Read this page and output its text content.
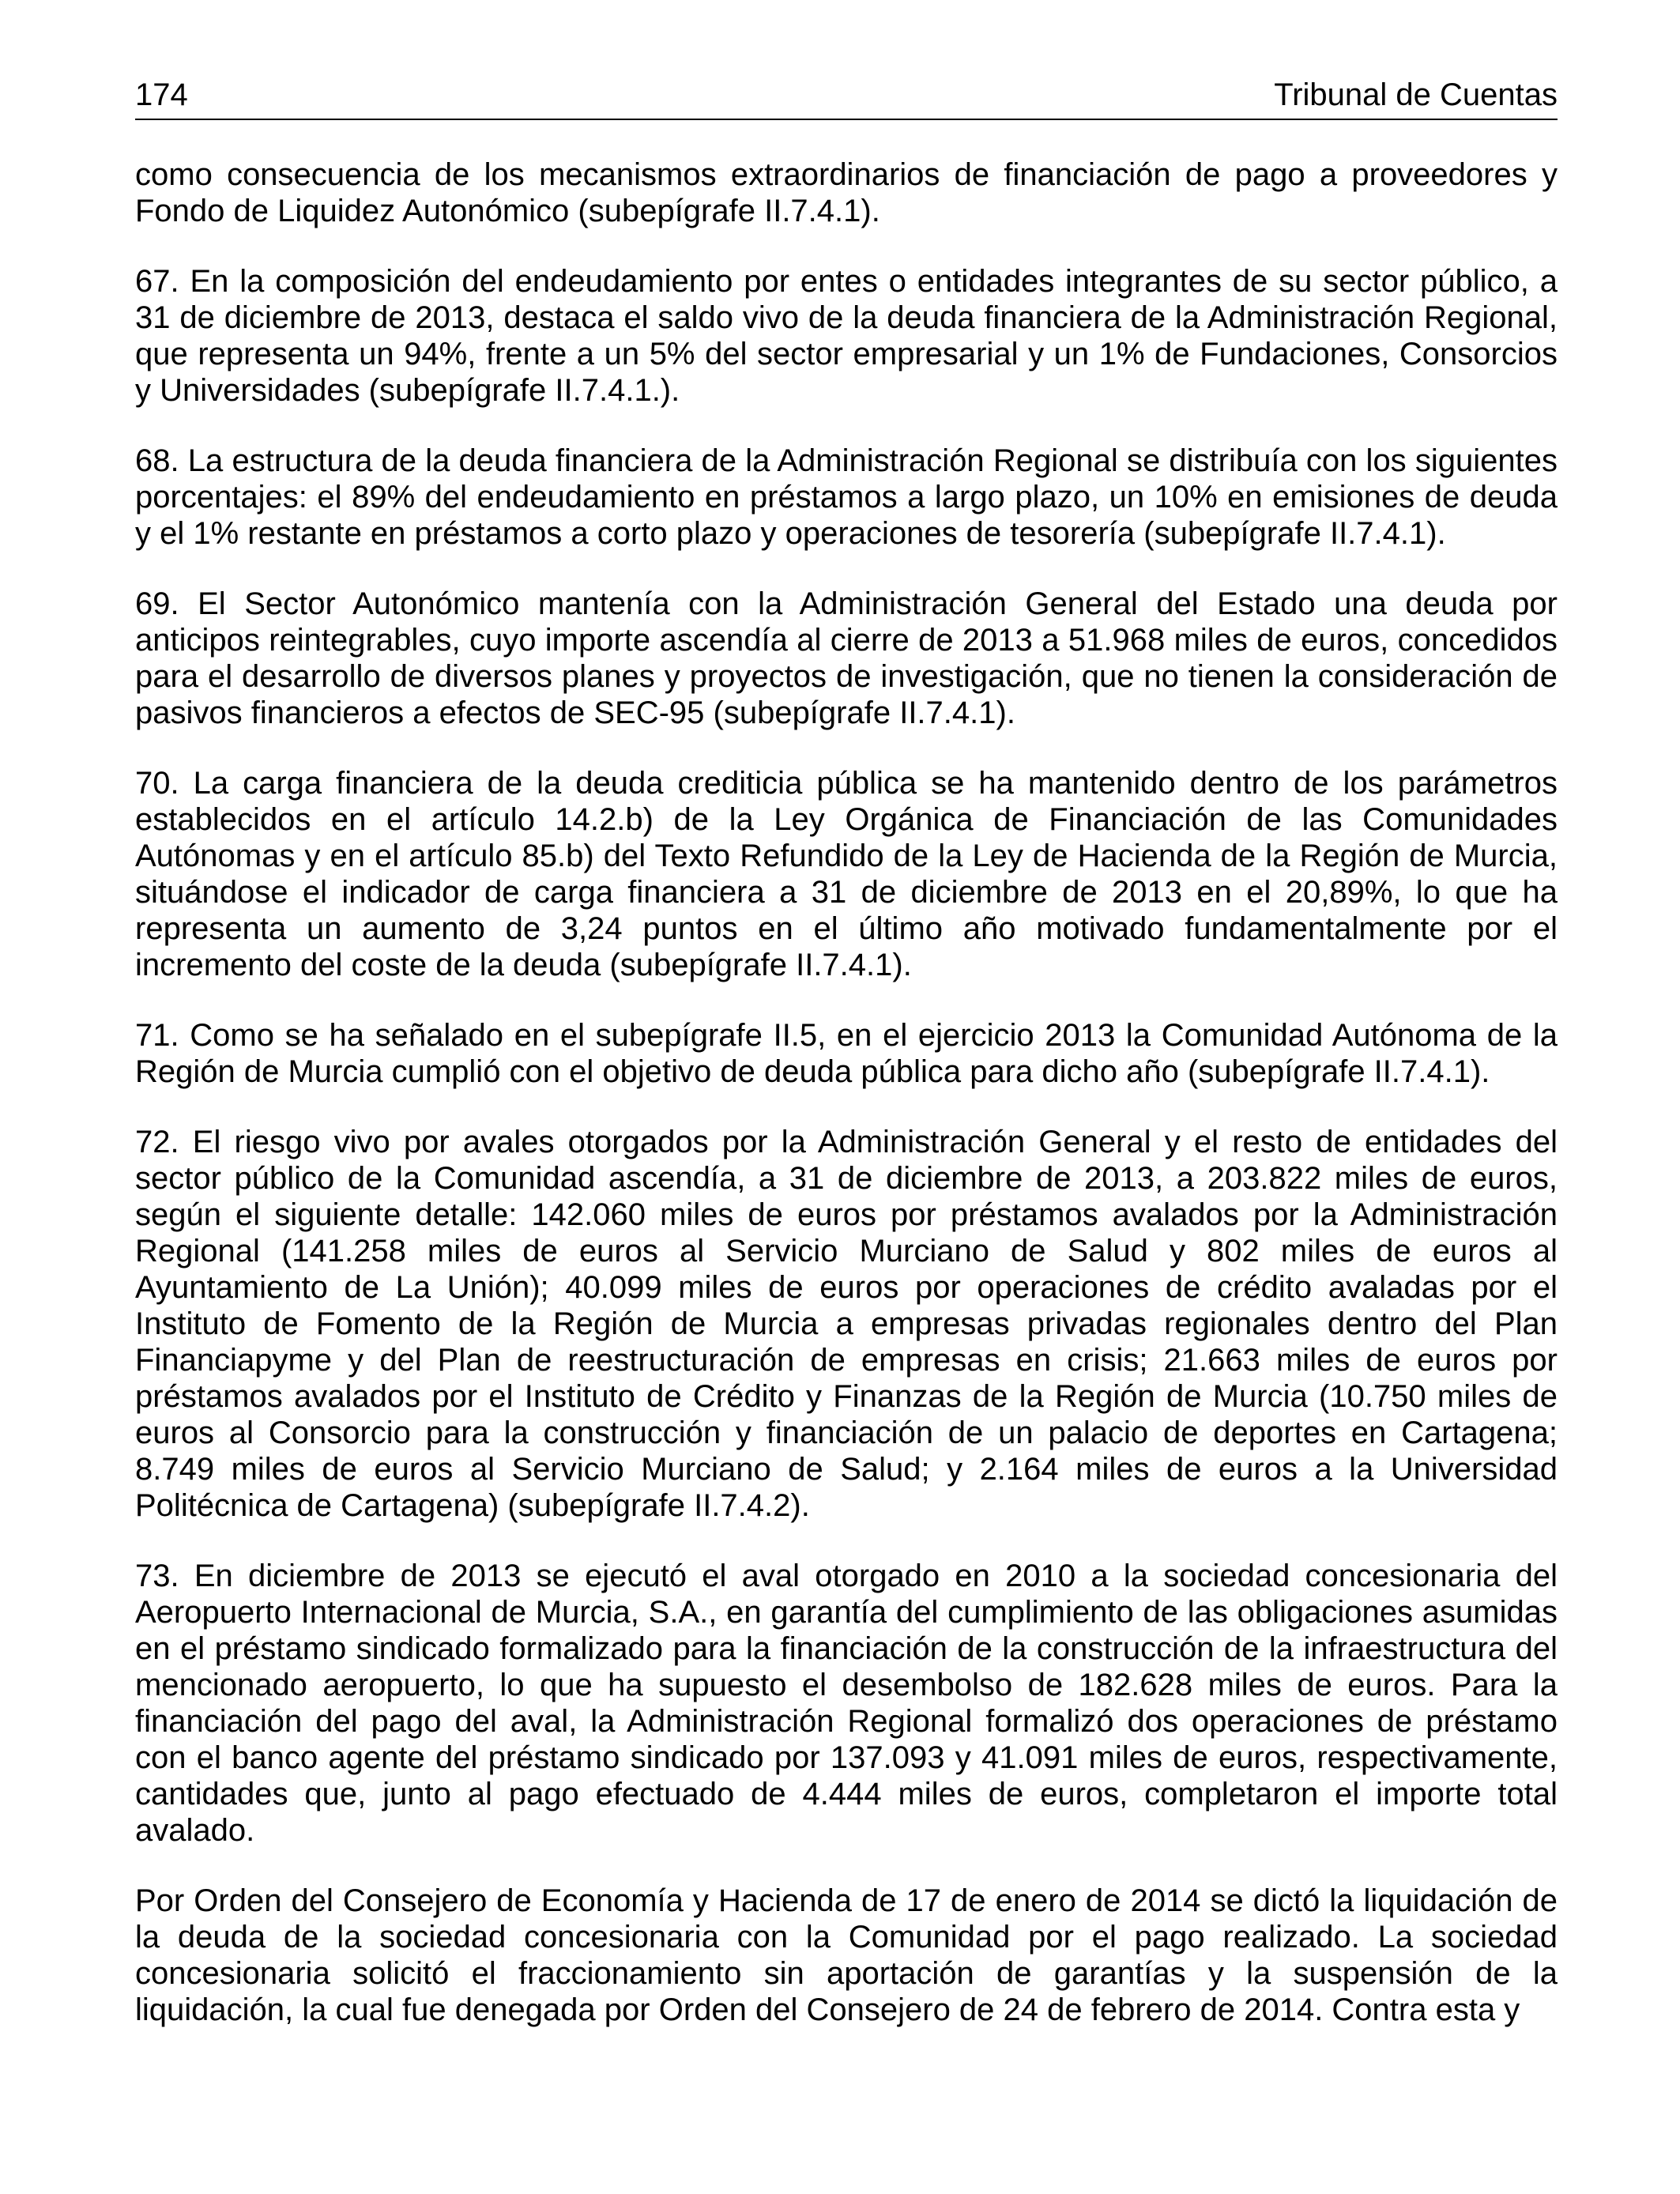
174	Tribunal de Cuentas

como consecuencia de los mecanismos extraordinarios de financiación de pago a proveedores y Fondo de Liquidez Autonómico (subepígrafe II.7.4.1).

67. En la composición del endeudamiento por entes o entidades integrantes de su sector público, a 31 de diciembre de 2013, destaca el saldo vivo de la deuda financiera de la Administración Regional, que representa un 94%, frente a un 5% del sector empresarial y un 1% de Fundaciones, Consorcios y Universidades (subepígrafe II.7.4.1.).

68. La estructura de la deuda financiera de la Administración Regional se distribuía con los siguientes porcentajes: el 89% del endeudamiento en préstamos a largo plazo, un 10% en emisiones de deuda y el 1% restante en préstamos a corto plazo y operaciones de tesorería (subepígrafe II.7.4.1).

69. El Sector Autonómico mantenía con la Administración General del Estado una deuda por anticipos reintegrables, cuyo importe ascendía al cierre de 2013 a 51.968 miles de euros, concedidos para el desarrollo de diversos planes y proyectos de investigación, que no tienen la consideración de pasivos financieros a efectos de SEC-95 (subepígrafe II.7.4.1).

70. La carga financiera de la deuda crediticia pública se ha mantenido dentro de los parámetros establecidos en el artículo 14.2.b) de la Ley Orgánica de Financiación de las Comunidades Autónomas y en el artículo 85.b) del Texto Refundido de la Ley de Hacienda de la Región de Murcia, situándose el indicador de carga financiera a 31 de diciembre de 2013 en el 20,89%, lo que ha representa un aumento de 3,24 puntos en el último año motivado fundamentalmente por el incremento del coste de la deuda (subepígrafe II.7.4.1).

71. Como se ha señalado en el subepígrafe II.5, en el ejercicio 2013 la Comunidad Autónoma de la Región de Murcia cumplió con el objetivo de deuda pública para dicho año (subepígrafe II.7.4.1).

72. El riesgo vivo por avales otorgados por la Administración General y el resto de entidades del sector público de la Comunidad ascendía, a 31 de diciembre de 2013, a 203.822 miles de euros, según el siguiente detalle: 142.060 miles de euros por préstamos avalados por la Administración Regional (141.258 miles de euros al Servicio Murciano de Salud y 802 miles de euros al Ayuntamiento de La Unión); 40.099 miles de euros por operaciones de crédito avaladas por el Instituto de Fomento de la Región de Murcia a empresas privadas regionales dentro del Plan Financiapyme y del Plan de reestructuración de empresas en crisis; 21.663 miles de euros por préstamos avalados por el Instituto de Crédito y Finanzas de la Región de Murcia (10.750 miles de euros al Consorcio para la construcción y financiación de un palacio de deportes en Cartagena; 8.749 miles de euros al Servicio Murciano de Salud; y 2.164 miles de euros a la Universidad Politécnica de Cartagena) (subepígrafe II.7.4.2).

73. En diciembre de 2013 se ejecutó el aval otorgado en 2010 a la sociedad concesionaria del Aeropuerto Internacional de Murcia, S.A., en garantía del cumplimiento de las obligaciones asumidas en el préstamo sindicado formalizado para la financiación de la construcción de la infraestructura del mencionado aeropuerto, lo que ha supuesto el desembolso de 182.628 miles de euros. Para la financiación del pago del aval, la Administración Regional formalizó dos operaciones de préstamo con el banco agente del préstamo sindicado por 137.093 y 41.091 miles de euros, respectivamente, cantidades que, junto al pago efectuado de 4.444 miles de euros, completaron el importe total avalado.

Por Orden del Consejero de Economía y Hacienda de 17 de enero de 2014 se dictó la liquidación de la deuda de la sociedad concesionaria con la Comunidad por el pago realizado. La sociedad concesionaria solicitó el fraccionamiento sin aportación de garantías y la suspensión de la liquidación, la cual fue denegada por Orden del Consejero de 24 de febrero de 2014. Contra esta y
